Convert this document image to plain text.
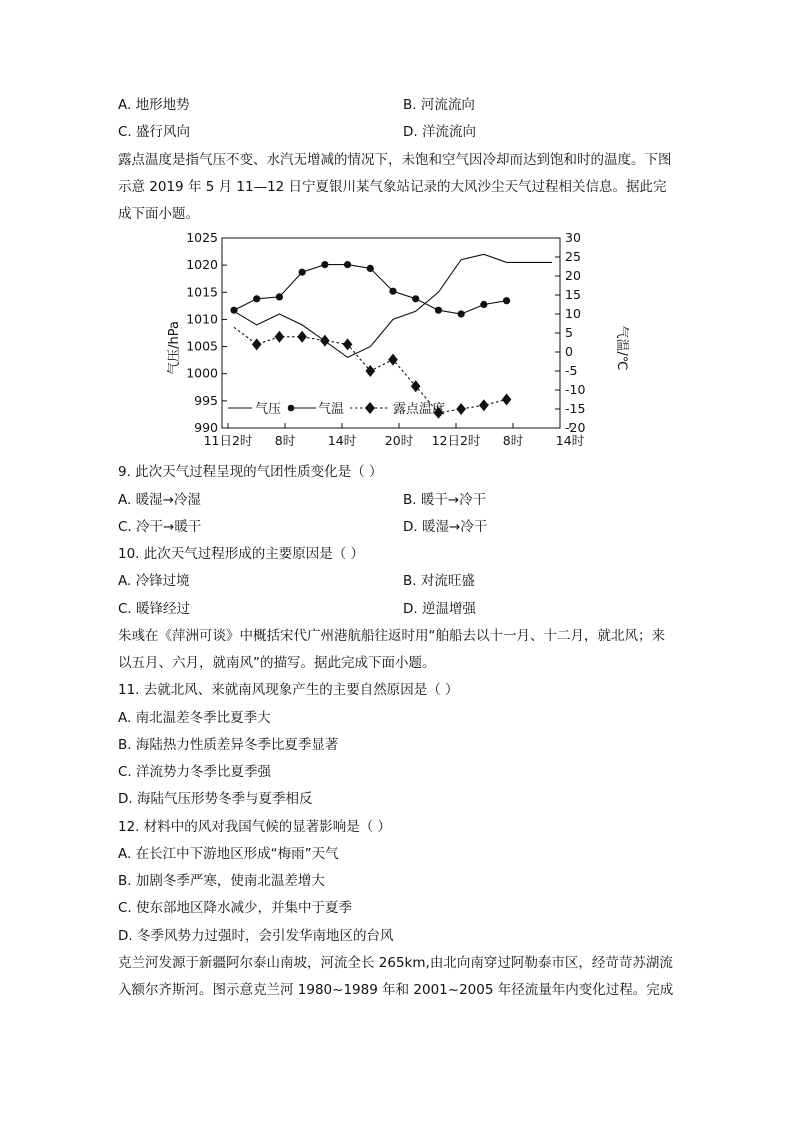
A. 地形地势	B. 河流流向
C. 盛行风向	D. 洋流流向
露点温度是指气压不变、水汽无增减的情况下，未饱和空气因冷却而达到饱和时的温度。下图示意 2019 年 5 月 11—12 日宁夏银川某气象站记录的大风沙尘天气过程相关信息。据此完成下面小题。
1025
1020
1015
1010
1005
1000
995
990
30
25
20
15
10
5
0
-5
-10
-15
-20
11日2时 8时	14时 20时 12日2时 8时	14时
气压	气温	露点温度
气压/hPa	气温/℃
9. 此次天气过程呈现的气团性质变化是（ ）
A. 暖湿→冷湿	B. 暖干→冷干
C. 冷干→暖干	D. 暖湿→冷干
10. 此次天气过程形成的主要原因是（ ）
A. 冷锋过境	B. 对流旺盛
C. 暖锋经过	D. 逆温增强
朱彧在《萍洲可谈》中概括宋代广州港航船往返时用“舶船去以十一月、十二月，就北风；来以五月、六月，就南风”的描写。据此完成下面小题。
11. 去就北风、来就南风现象产生的主要自然原因是（ ）
A. 南北温差冬季比夏季大
B. 海陆热力性质差异冬季比夏季显著
C. 洋流势力冬季比夏季强
D. 海陆气压形势冬季与夏季相反
12. 材料中的风对我国气候的显著影响是（ ）
A. 在长江中下游地区形成“梅雨”天气
B. 加剧冬季严寒，使南北温差增大
C. 使东部地区降水减少，并集中于夏季
D. 冬季风势力过强时，会引发华南地区的台风
克兰河发源于新疆阿尔泰山南坡，河流全长 265km,由北向南穿过阿勒泰市区，经苛苛苏湖流入额尔齐斯河。图示意克兰河 1980~1989 年和 2001~2005 年径流量年内变化过程。完成
